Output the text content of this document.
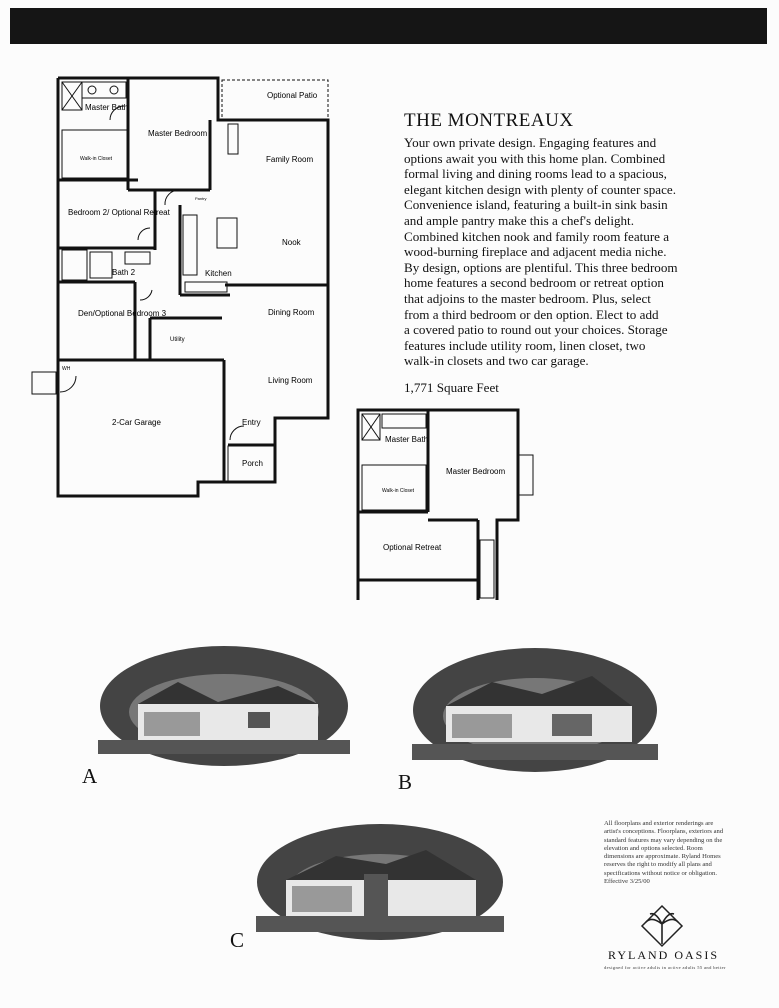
Master Bath
Master Bedroom
Walk-in Closet
Optional Patio
Family Room
Bedroom 2/ Optional Retreat
Nook
Kitchen
Pantry
Bath 2
Den/Optional Bedroom 3	Dining Room
Living Room
Utility
2-Car Garage	Entry
Porch
WH
Master Bath
Master Bedroom
Walk-in Closet
Optional Retreat
THE MONTREAUX
Your own private design. Engaging features and
options await you with this home plan. Combined
formal living and dining rooms lead to a spacious,
elegant kitchen design with plenty of counter space.
Convenience island, featuring a built-in sink basin
and ample pantry make this a chef's delight.
Combined kitchen nook and family room feature a
wood-burning fireplace and adjacent media niche.
By design, options are plentiful. This three bedroom
home features a second bedroom or retreat option
that adjoins to the master bedroom. Plus, select
from a third bedroom or den option. Elect to add
a covered patio to round out your choices. Storage
features include utility room, linen closet, two
walk-in closets and two car garage.
1,771 Square Feet
A	B
C
All floorplans and exterior renderings are artist's conceptions. Floorplans, exteriors and standard features may vary depending on the elevation and options selected. Room dimensions are approximate. Ryland Homes reserves the right to modify all plans and specifications without notice or obligation. Effective 3/25/00
RYLAND OASIS
designed for active adults in active adults 55 and better
